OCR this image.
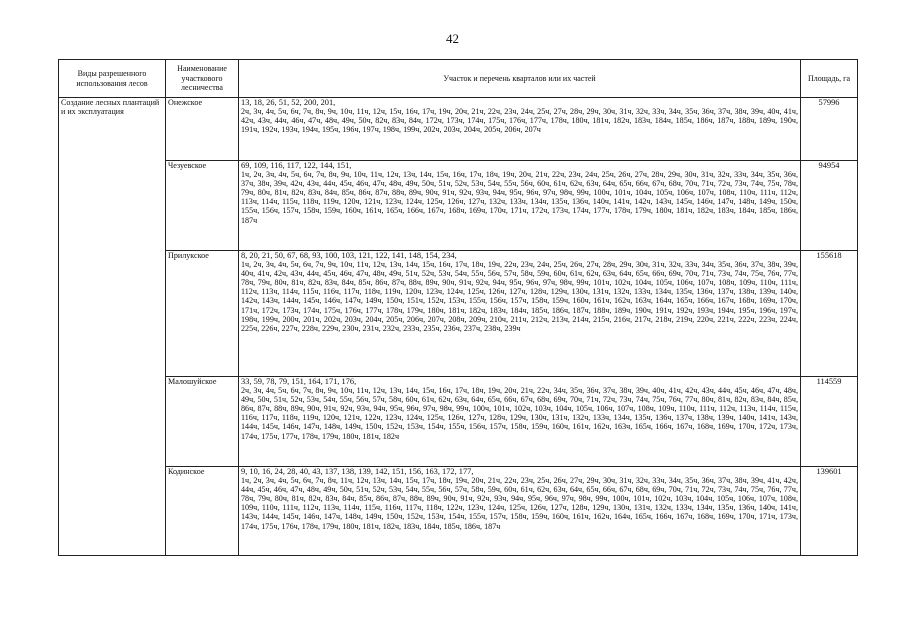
42
Виды разрешенного использования лесов	Наименование участкового лесничества	Участок и перечень кварталов или их частей	Площадь, га
Создание лесных плантаций и их эксплуатация	Онежское	13, 18, 26, 51, 52, 200, 201,
2ч, 3ч, 4ч, 5ч, 6ч, 7ч, 8ч, 9ч, 10ч, 11ч, 12ч, 15ч, 16ч, 17ч, 19ч, 20ч, 21ч, 22ч, 23ч, 24ч, 25ч, 27ч, 28ч, 29ч, 30ч, 31ч, 32ч, 33ч, 34ч, 35ч, 36ч, 37ч, 38ч, 39ч, 40ч, 41ч, 42ч, 43ч, 44ч, 46ч, 47ч, 48ч, 49ч, 50ч, 82ч, 83ч, 84ч, 172ч, 173ч, 174ч, 175ч, 176ч, 177ч, 178ч, 180ч, 181ч, 182ч, 183ч, 184ч, 185ч, 186ч, 187ч, 188ч, 189ч, 190ч, 191ч, 192ч, 193ч, 194ч, 195ч, 196ч, 197ч, 198ч, 199ч, 202ч, 203ч, 204ч, 205ч, 206ч, 207ч	57996
	Чезуевское	69, 109, 116, 117, 122, 144, 151,
1ч, 2ч, 3ч, 4ч, 5ч, 6ч, 7ч, 8ч, 9ч, 10ч, 11ч, 12ч, 13ч, 14ч, 15ч, 16ч, 17ч, 18ч, 19ч, 20ч, 21ч, 22ч, 23ч, 24ч, 25ч, 26ч, 27ч, 28ч, 29ч, 30ч, 31ч, 32ч, 33ч, 34ч, 35ч, 36ч, 37ч, 38ч, 39ч, 42ч, 43ч, 44ч, 45ч, 46ч, 47ч, 48ч, 49ч, 50ч, 51ч, 52ч, 53ч, 54ч, 55ч, 56ч, 60ч, 61ч, 62ч, 63ч, 64ч, 65ч, 66ч, 67ч, 68ч, 70ч, 71ч, 72ч, 73ч, 74ч, 75ч, 78ч, 79ч, 80ч, 81ч, 82ч, 83ч, 84ч, 85ч, 86ч, 87ч, 88ч, 89ч, 90ч, 91ч, 92ч, 93ч, 94ч, 95ч, 96ч, 97ч, 98ч, 99ч, 100ч, 101ч, 104ч, 105ч, 106ч, 107ч, 108ч, 110ч, 111ч, 112ч, 113ч, 114ч, 115ч, 118ч, 119ч, 120ч, 121ч, 123ч, 124ч, 125ч, 126ч, 127ч, 132ч, 133ч, 134ч, 135ч, 136ч, 140ч, 141ч, 142ч, 143ч, 145ч, 146ч, 147ч, 148ч, 149ч, 150ч, 155ч, 156ч, 157ч, 158ч, 159ч, 160ч, 161ч, 165ч, 166ч, 167ч, 168ч, 169ч, 170ч, 171ч, 172ч, 173ч, 174ч, 177ч, 178ч, 179ч, 180ч, 181ч, 182ч, 183ч, 184ч, 185ч, 186ч, 187ч	94954
	Прилукское	8, 20, 21, 50, 67, 68, 93, 100, 103, 121, 122, 141, 148, 154, 234,
1ч, 2ч, 3ч, 4ч, 5ч, 6ч, 7ч, 9ч, 10ч, 11ч, 12ч, 13ч, 14ч, 15ч, 16ч, 17ч, 18ч, 19ч, 22ч, 23ч, 24ч, 25ч, 26ч, 27ч, 28ч, 29ч, 30ч, 31ч, 32ч, 33ч, 34ч, 35ч, 36ч, 37ч, 38ч, 39ч, 40ч, 41ч, 42ч, 43ч, 44ч, 45ч, 46ч, 47ч, 48ч, 49ч, 51ч, 52ч, 53ч, 54ч, 55ч, 56ч, 57ч, 58ч, 59ч, 60ч, 61ч, 62ч, 63ч, 64ч, 65ч, 66ч, 69ч, 70ч, 71ч, 73ч, 74ч, 75ч, 76ч, 77ч, 78ч, 79ч, 80ч, 81ч, 82ч, 83ч, 84ч, 85ч, 86ч, 87ч, 88ч, 89ч, 90ч, 91ч, 92ч, 94ч, 95ч, 96ч, 97ч, 98ч, 99ч, 101ч, 102ч, 104ч, 105ч, 106ч, 107ч, 108ч, 109ч, 110ч, 111ч, 112ч, 113ч, 114ч, 115ч, 116ч, 117ч, 118ч, 119ч, 120ч, 123ч, 124ч, 125ч, 126ч, 127ч, 128ч, 129ч, 130ч, 131ч, 132ч, 133ч, 134ч, 135ч, 136ч, 137ч, 138ч, 139ч, 140ч, 142ч, 143ч, 144ч, 145ч, 146ч, 147ч, 149ч, 150ч, 151ч, 152ч, 153ч, 155ч, 156ч, 157ч, 158ч, 159ч, 160ч, 161ч, 162ч, 163ч, 164ч, 165ч, 166ч, 167ч, 168ч, 169ч, 170ч, 171ч, 172ч, 173ч, 174ч, 175ч, 176ч, 177ч, 178ч, 179ч, 180ч, 181ч, 182ч, 183ч, 184ч, 185ч, 186ч, 187ч, 188ч, 189ч, 190ч, 191ч, 192ч, 193ч, 194ч, 195ч, 196ч, 197ч, 198ч, 199ч, 200ч, 201ч, 202ч, 203ч, 204ч, 205ч, 206ч, 207ч, 208ч, 209ч, 210ч, 211ч, 212ч, 213ч, 214ч, 215ч, 216ч, 217ч, 218ч, 219ч, 220ч, 221ч, 222ч, 223ч, 224ч, 225ч, 226ч, 227ч, 228ч, 229ч, 230ч, 231ч, 232ч, 233ч, 235ч, 236ч, 237ч, 238ч, 239ч	155618
	Малошуйское	33, 59, 78, 79, 151, 164, 171, 176,
2ч, 3ч, 4ч, 5ч, 6ч, 7ч, 8ч, 9ч, 10ч, 11ч, 12ч, 13ч, 14ч, 15ч, 16ч, 17ч, 18ч, 19ч, 20ч, 21ч, 22ч, 34ч, 35ч, 36ч, 37ч, 38ч, 39ч, 40ч, 41ч, 42ч, 43ч, 44ч, 45ч, 46ч, 47ч, 48ч, 49ч, 50ч, 51ч, 52ч, 53ч, 54ч, 55ч, 56ч, 57ч, 58ч, 60ч, 61ч, 62ч, 63ч, 64ч, 65ч, 66ч, 67ч, 68ч, 69ч, 70ч, 71ч, 72ч, 73ч, 74ч, 75ч, 76ч, 77ч, 80ч, 81ч, 82ч, 83ч, 84ч, 85ч, 86ч, 87ч, 88ч, 89ч, 90ч, 91ч, 92ч, 93ч, 94ч, 95ч, 96ч, 97ч, 98ч, 99ч, 100ч, 101ч, 102ч, 103ч, 104ч, 105ч, 106ч, 107ч, 108ч, 109ч, 110ч, 111ч, 112ч, 113ч, 114ч, 115ч, 116ч, 117ч, 118ч, 119ч, 120ч, 121ч, 122ч, 123ч, 124ч, 125ч, 126ч, 127ч, 128ч, 129ч, 130ч, 131ч, 132ч, 133ч, 134ч, 135ч, 136ч, 137ч, 138ч, 139ч, 140ч, 141ч, 143ч, 144ч, 145ч, 146ч, 147ч, 148ч, 149ч, 150ч, 152ч, 153ч, 154ч, 155ч, 156ч, 157ч, 158ч, 159ч, 160ч, 161ч, 162ч, 163ч, 165ч, 166ч, 167ч, 168ч, 169ч, 170ч, 172ч, 173ч, 174ч, 175ч, 177ч, 178ч, 179ч, 180ч, 181ч, 182ч	114559
	Кодинское	9, 10, 16, 24, 28, 40, 43, 137, 138, 139, 142, 151, 156, 163, 172, 177,
1ч, 2ч, 3ч, 4ч, 5ч, 6ч, 7ч, 8ч, 11ч, 12ч, 13ч, 14ч, 15ч, 17ч, 18ч, 19ч, 20ч, 21ч, 22ч, 23ч, 25ч, 26ч, 27ч, 29ч, 30ч, 31ч, 32ч, 33ч, 34ч, 35ч, 36ч, 37ч, 38ч, 39ч, 41ч, 42ч, 44ч, 45ч, 46ч, 47ч, 48ч, 49ч, 50ч, 51ч, 52ч, 53ч, 54ч, 55ч, 56ч, 57ч, 58ч, 59ч, 60ч, 61ч, 62ч, 63ч, 64ч, 65ч, 66ч, 67ч, 68ч, 69ч, 70ч, 71ч, 72ч, 73ч, 74ч, 75ч, 76ч, 77ч, 78ч, 79ч, 80ч, 81ч, 82ч, 83ч, 84ч, 85ч, 86ч, 87ч, 88ч, 89ч, 90ч, 91ч, 92ч, 93ч, 94ч, 95ч, 96ч, 97ч, 98ч, 99ч, 100ч, 101ч, 102ч, 103ч, 104ч, 105ч, 106ч, 107ч, 108ч, 109ч, 110ч, 111ч, 112ч, 113ч, 114ч, 115ч, 116ч, 117ч, 118ч, 122ч, 123ч, 124ч, 125ч, 126ч, 127ч, 128ч, 129ч, 130ч, 131ч, 132ч, 133ч, 134ч, 135ч, 136ч, 140ч, 141ч, 143ч, 144ч, 145ч, 146ч, 147ч, 148ч, 149ч, 150ч, 152ч, 153ч, 154ч, 155ч, 157ч, 158ч, 159ч, 160ч, 161ч, 162ч, 164ч, 165ч, 166ч, 167ч, 168ч, 169ч, 170ч, 171ч, 173ч, 174ч, 175ч, 176ч, 178ч, 179ч, 180ч, 181ч, 182ч, 183ч, 184ч, 185ч, 186ч, 187ч	139601
